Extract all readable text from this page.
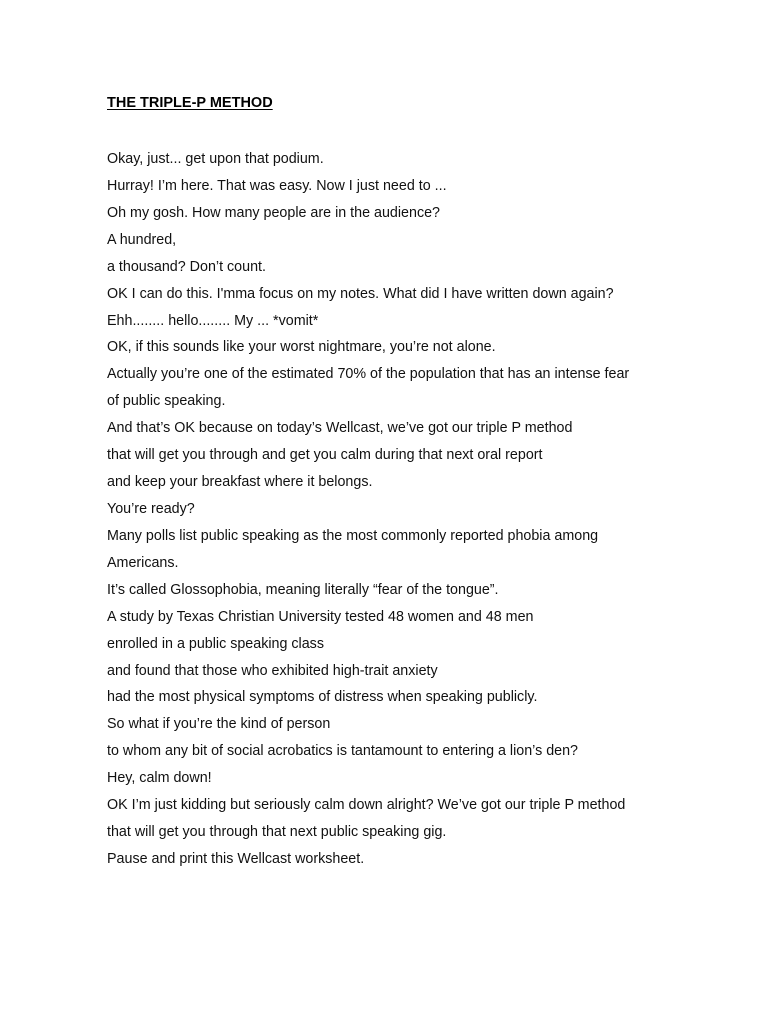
THE TRIPLE-P METHOD
Okay, just... get upon that podium.
Hurray! I’m here. That was easy. Now I just need to ...
Oh my gosh. How many people are in the audience?
A hundred,
a thousand? Don’t count.
OK I can do this. I'mma focus on my notes. What did I have written down again?
Ehh........ hello........ My ... *vomit*
OK, if this sounds like your worst nightmare, you’re not alone.
Actually you’re one of the estimated 70% of the population that has an intense fear
of public speaking.
And that’s OK because on today’s Wellcast, we’ve got our triple P method
that will get you through and get you calm during that next oral report
and keep your breakfast where it belongs.
You’re ready?
Many polls list public speaking as the most commonly reported phobia among
Americans.
It’s called Glossophobia, meaning literally “fear of the tongue”.
A study by Texas Christian University tested 48 women and 48 men
enrolled in a public speaking class
and found that those who exhibited high-trait anxiety
had the most physical symptoms of distress when speaking publicly.
So what if you’re the kind of person
to whom any bit of social acrobatics is tantamount to entering a lion’s den?
Hey, calm down!
OK I’m just kidding but seriously calm down alright? We’ve got our triple P method
that will get you through that next public speaking gig.
Pause and print this Wellcast worksheet.
